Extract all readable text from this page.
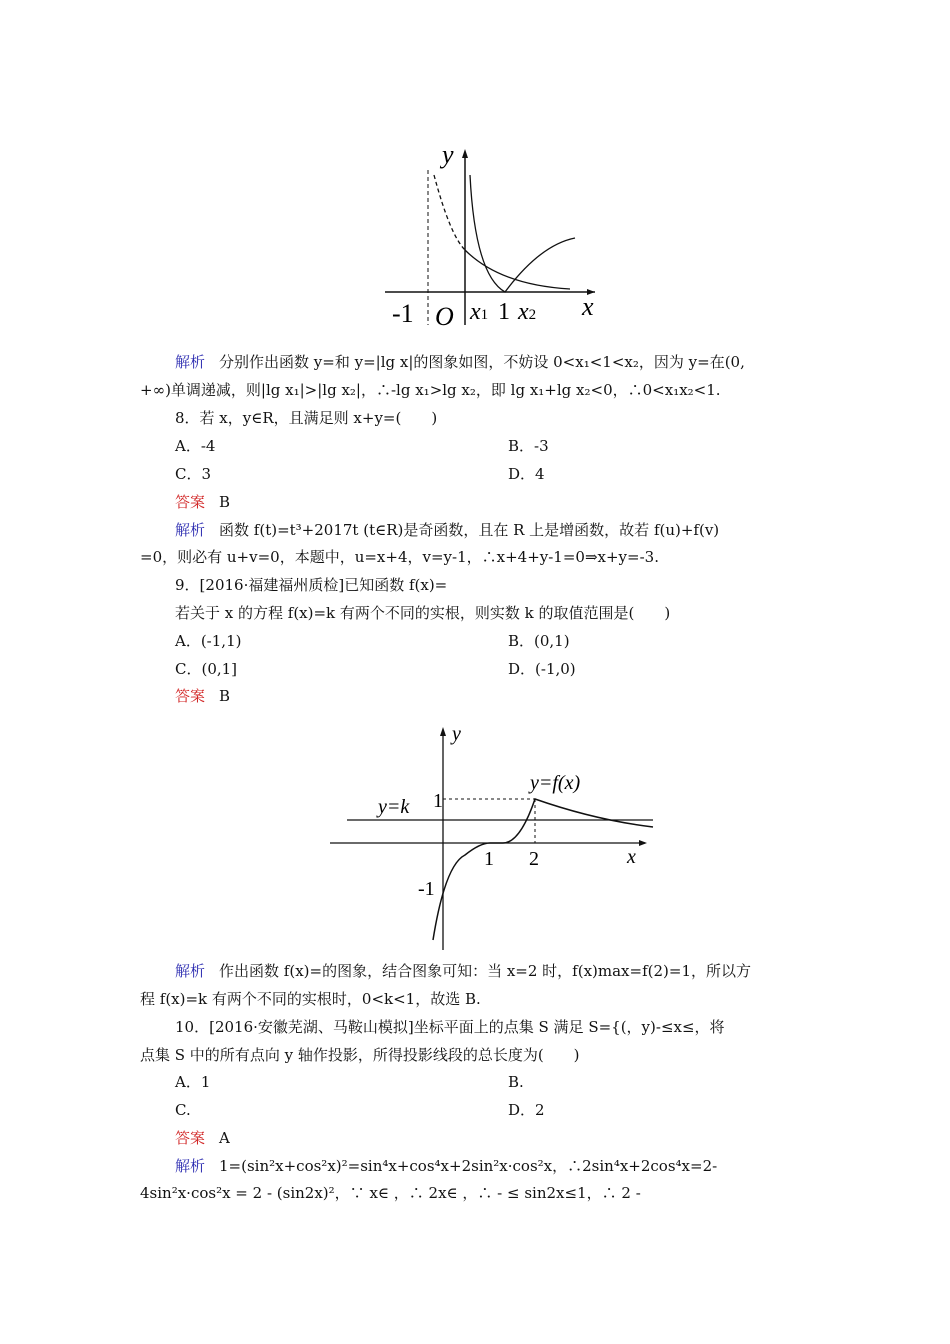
y
x
-1 O x1 1 x2
解析 分别作出函数 y=和 y=|lg x|的图象如图，不妨设 0<x₁<1<x₂，因为 y=在(0,
+∞)单调递减，则|lg x₁|>|lg x₂|，∴-lg x₁>lg x₂，即 lg x₁+lg x₂<0，∴0<x₁x₂<1.
8．若 x，y∈R，且满足则 x+y=(　　)
A．-4	B．-3
C．3	D．4
答案 B
解析 函数 f(t)=t³+2017t (t∈R)是奇函数，且在 R 上是增函数，故若 f(u)+f(v)
=0，则必有 u+v=0，本题中，u=x+4，v=y-1，∴x+4+y-1=0⇒x+y=-3.
9．[2016·福建福州质检]已知函数 f(x)=
若关于 x 的方程 f(x)=k 有两个不同的实根，则实数 k 的取值范围是(　　)
A．(-1,1)	B．(0,1)
C．(0,1]	D．(-1,0)
答案 B
y
x
y=k
y=f(x)
1
-1
1 2
解析 作出函数 f(x)=的图象，结合图象可知：当 x=2 时，f(x)max=f(2)=1，所以方
程 f(x)=k 有两个不同的实根时，0<k<1，故选 B.
10．[2016·安徽芜湖、马鞍山模拟]坐标平面上的点集 S 满足 S={(，y)-≤x≤，将
点集 S 中的所有点向 y 轴作投影，所得投影线段的总长度为(　　)
A．1	B.
C.	D．2
答案 A
解析 1=(sin²x+cos²x)²=sin⁴x+cos⁴x+2sin²x·cos²x，∴2sin⁴x+2cos⁴x=2-
4sin²x·cos²x = 2 - (sin2x)²，∵ x∈ ，∴ 2x∈ ，∴ - ≤ sin2x≤1，∴ 2 -
